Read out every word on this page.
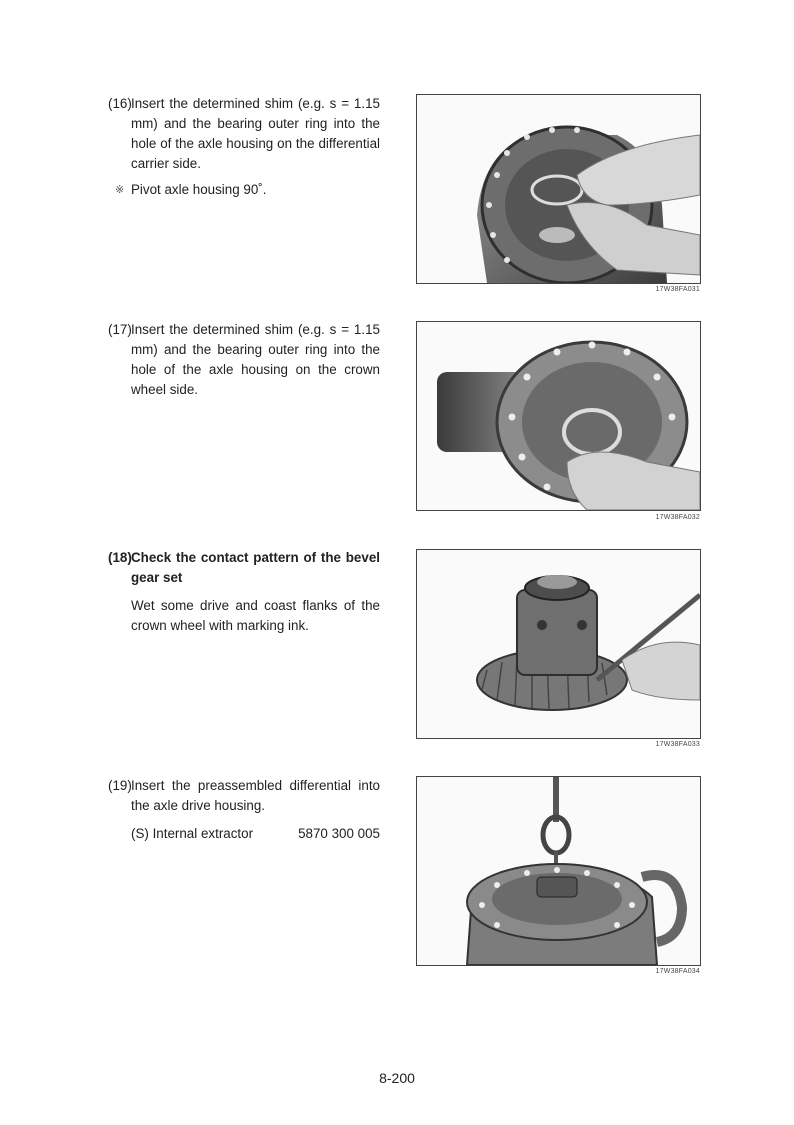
(16) Insert the determined shim (e.g. s = 1.15 mm) and the bearing outer ring into the hole of the axle housing on the differential carrier side.
※ Pivot axle housing 90˚.
17W38FA031
(17) Insert the determined shim (e.g. s = 1.15 mm) and the bearing outer ring into the hole of the axle housing on the crown wheel side.
17W38FA032
(18) Check the contact pattern of the bevel gear set
Wet some drive and coast flanks of the crown wheel with marking ink.
17W38FA033
(19) Insert the preassembled differential into the axle drive housing.
(S) Internal extractor	5870 300 005
17W38FA034
8-200
